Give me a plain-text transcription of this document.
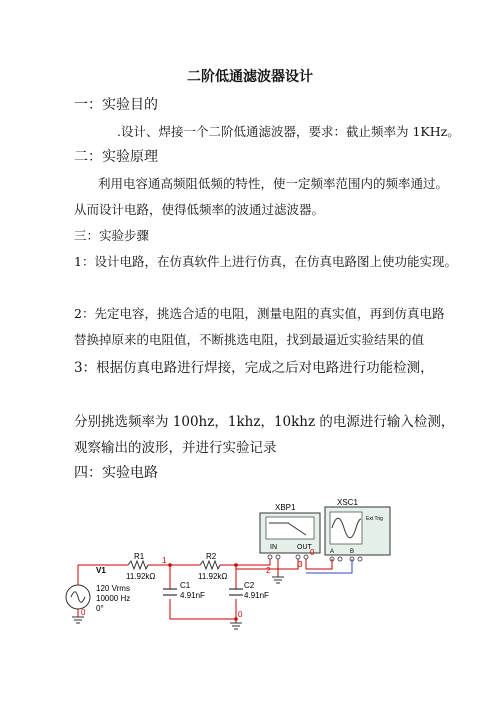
二阶低通滤波器设计
一：实验目的
.设计、焊接一个二阶低通滤波器，要求：截止频率为 1KHz。
二：实验原理
利用电容通高频阻低频的特性，使一定频率范围内的频率通过。
从而设计电路，使得低频率的波通过滤波器。
三：实验步骤
1：设计电路，在仿真软件上进行仿真，在仿真电路图上使功能实现。
2：先定电容，挑选合适的电阻，测量电阻的真实值，再到仿真电路
替换掉原来的电阻值，不断挑选电阻，找到最逼近实验结果的值
3：根据仿真电路进行焊接，完成之后对电路进行功能检测，
分别挑选频率为 100hz，1khz，10khz 的电源进行输入检测，
观察输出的波形，并进行实验记录
四：实验电路
XBP1
IN	OUT
XSC1
Ext Trig
A	B
R1
11.92kΩ
R2
11.92kΩ
C1
4.91nF
C2
4.91nF
V1
120 Vrms
10000 Hz
0°
0	0
0
1
2
3
